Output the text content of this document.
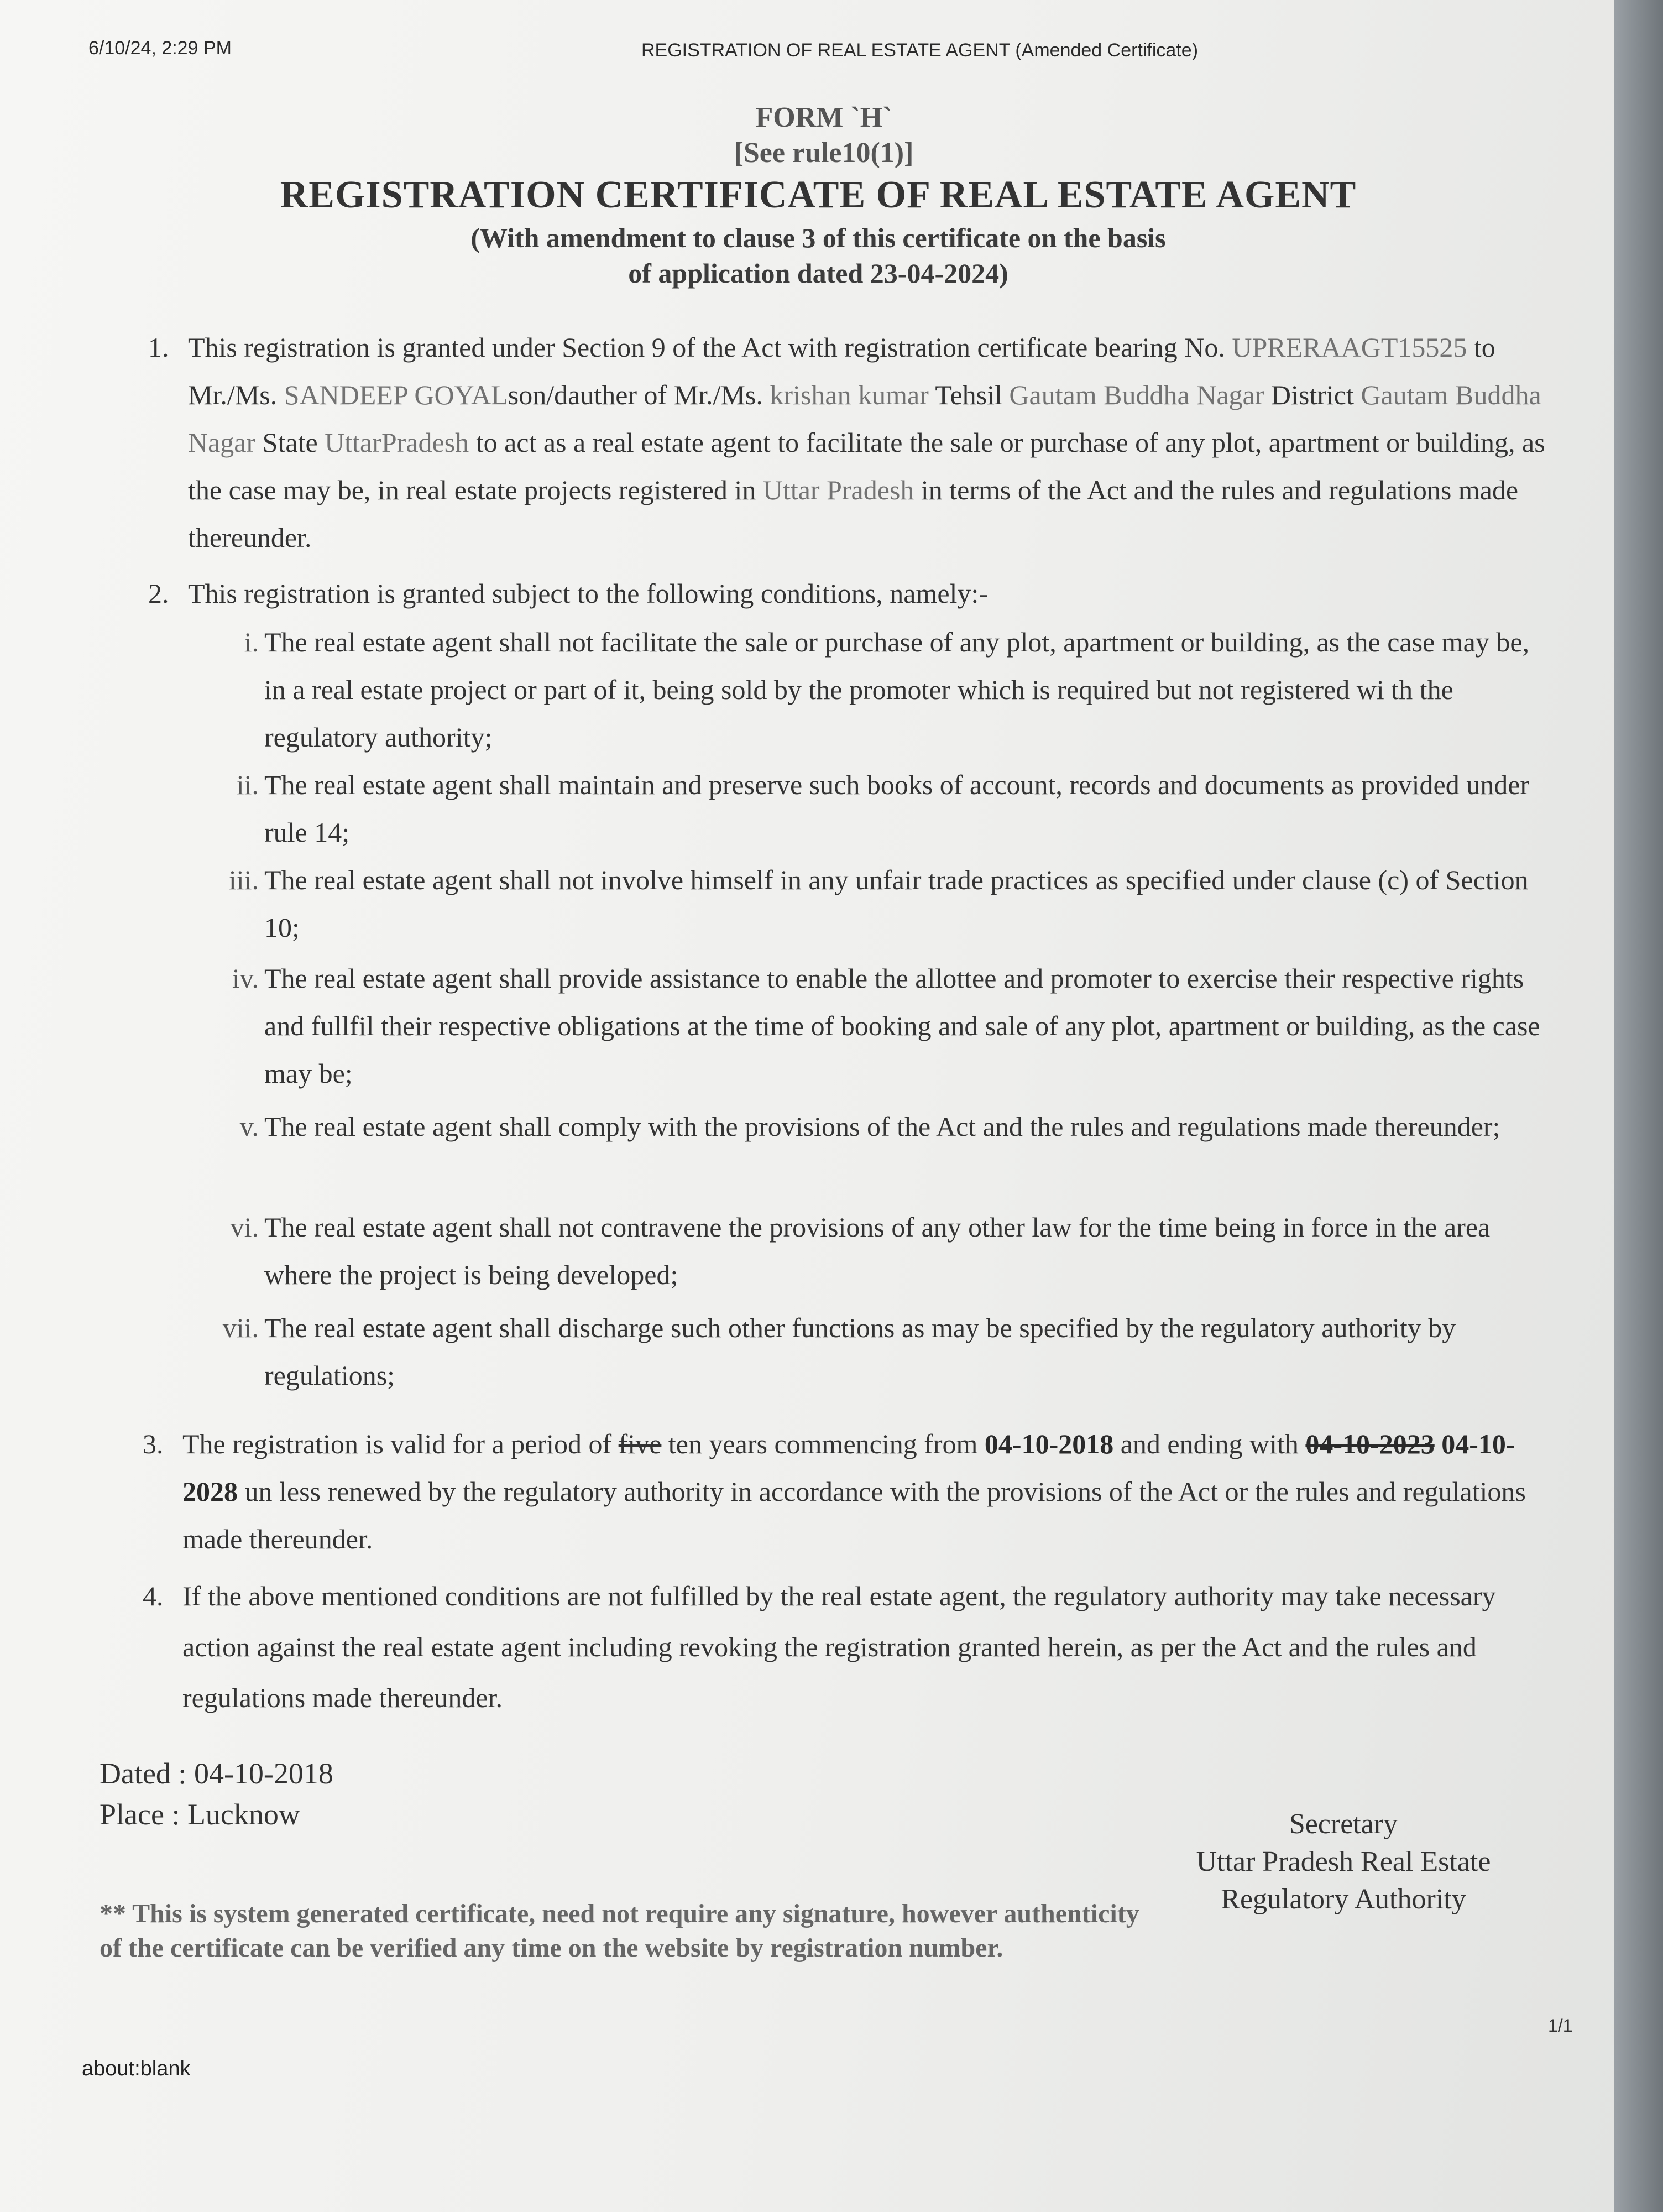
6/10/24, 2:29 PM	REGISTRATION OF REAL ESTATE AGENT (Amended Certificate)
FORM `H`
[See rule10(1)]
REGISTRATION CERTIFICATE OF REAL ESTATE AGENT
(With amendment to clause 3 of this certificate on the basis
of application dated 23-04-2024)
1. This registration is granted under Section 9 of the Act with registration certificate bearing No. UPRERAAGT15525 to Mr./Ms. SANDEEP GOYALson/dauther of Mr./Ms. krishan kumar Tehsil Gautam Buddha Nagar District Gautam Buddha Nagar State UttarPradesh to act as a real estate agent to facilitate the sale or purchase of any plot, apartment or building, as the case may be, in real estate projects registered in Uttar Pradesh in terms of the Act and the rules and regulations made thereunder.
2. This registration is granted subject to the following conditions, namely:-
i. The real estate agent shall not facilitate the sale or purchase of any plot, apartment or building, as the case may be, in a real estate project or part of it, being sold by the promoter which is required but not registered wi th the regulatory authority;
ii. The real estate agent shall maintain and preserve such books of account, records and documents as provided under rule 14;
iii. The real estate agent shall not involve himself in any unfair trade practices as specified under clause (c) of Section 10;
iv. The real estate agent shall provide assistance to enable the allottee and promoter to exercise their respective rights and fullfil their respective obligations at the time of booking and sale of any plot, apartment or building, as the case may be;
v. The real estate agent shall comply with the provisions of the Act and the rules and regulations made thereunder;
vi. The real estate agent shall not contravene the provisions of any other law for the time being in force in the area where the project is being developed;
vii. The real estate agent shall discharge such other functions as may be specified by the regulatory authority by regulations;
3. The registration is valid for a period of five ten years commencing from 04-10-2018 and ending with 04-10-2023 04-10-2028 un less renewed by the regulatory authority in accordance with the provisions of the Act or the rules and regulations made thereunder.
4. If the above mentioned conditions are not fulfilled by the real estate agent, the regulatory authority may take necessary action against the real estate agent including revoking the registration granted herein, as per the Act and the rules and regulations made thereunder.
Dated : 04-10-2018
Place : Lucknow	Secretary
Uttar Pradesh Real Estate
Regulatory Authority
** This is system generated certificate, need not require any signature, however authenticity of the certificate can be verified any time on the website by registration number.
1/1
about:blank
